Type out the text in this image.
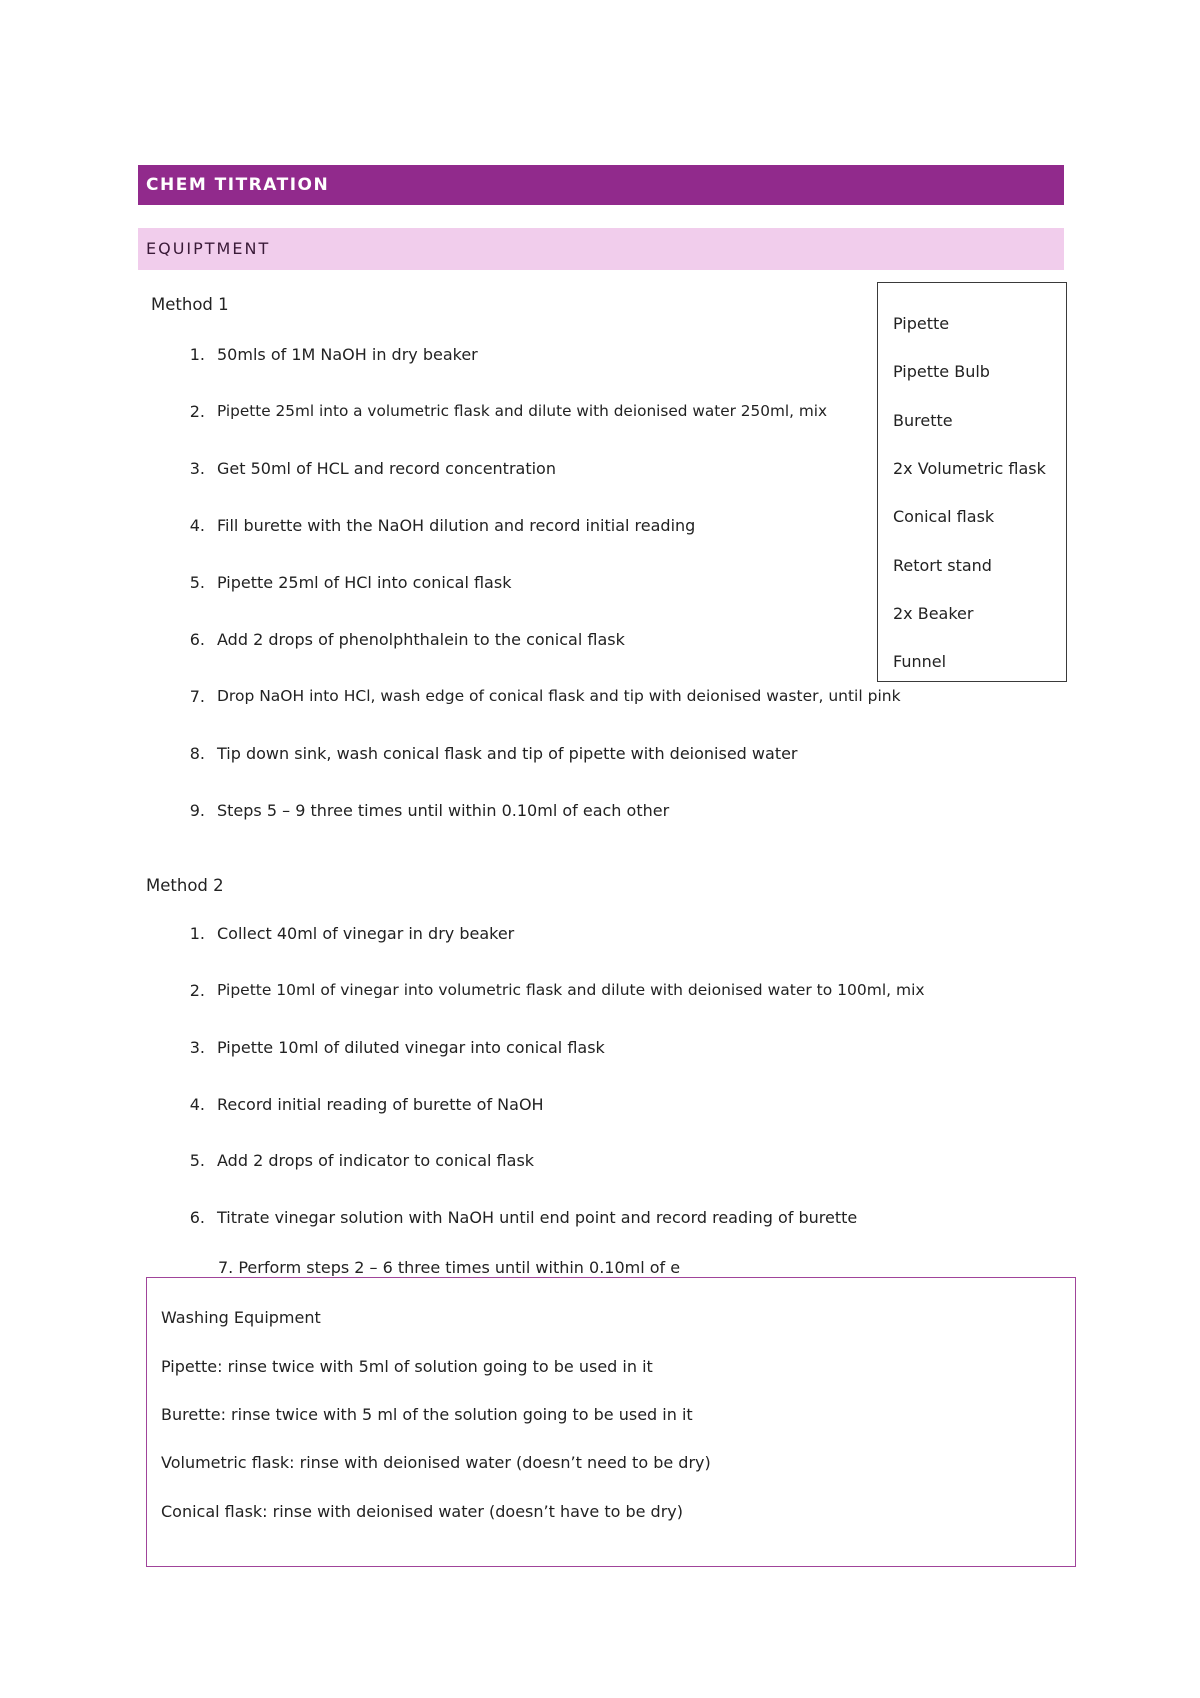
CHEM TITRATION
EQUIPTMENT
Method 1
1. 50mls of 1M NaOH in dry beaker
2. Pipette 25ml into a volumetric flask and dilute with deionised water 250ml, mix
3. Get 50ml of HCL and record concentration
4. Fill burette with the NaOH dilution and record initial reading
5. Pipette 25ml of HCl into conical flask
6. Add 2 drops of phenolphthalein to the conical flask
7. Drop NaOH into HCl, wash edge of conical flask and tip with deionised waster, until pink
8. Tip down sink, wash conical flask and tip of pipette with deionised water
9. Steps 5 – 9 three times until within 0.10ml of each other
Pipette
Pipette Bulb
Burette
2x Volumetric flask
Conical flask
Retort stand
2x Beaker
Funnel
Method 2
1. Collect 40ml of vinegar in dry beaker
2. Pipette 10ml of vinegar into volumetric flask and dilute with deionised water to 100ml, mix
3. Pipette 10ml of diluted vinegar into conical flask
4. Record initial reading of burette of NaOH
5. Add 2 drops of indicator to conical flask
6. Titrate vinegar solution with NaOH until end point and record reading of burette
7. Perform steps 2 – 6 three times until within 0.10ml of e
Washing Equipment
Pipette: rinse twice with 5ml of solution going to be used in it
Burette: rinse twice with 5 ml of the solution going to be used in it
Volumetric flask: rinse with deionised water (doesn’t need to be dry)
Conical flask: rinse with deionised water (doesn’t have to be dry)
